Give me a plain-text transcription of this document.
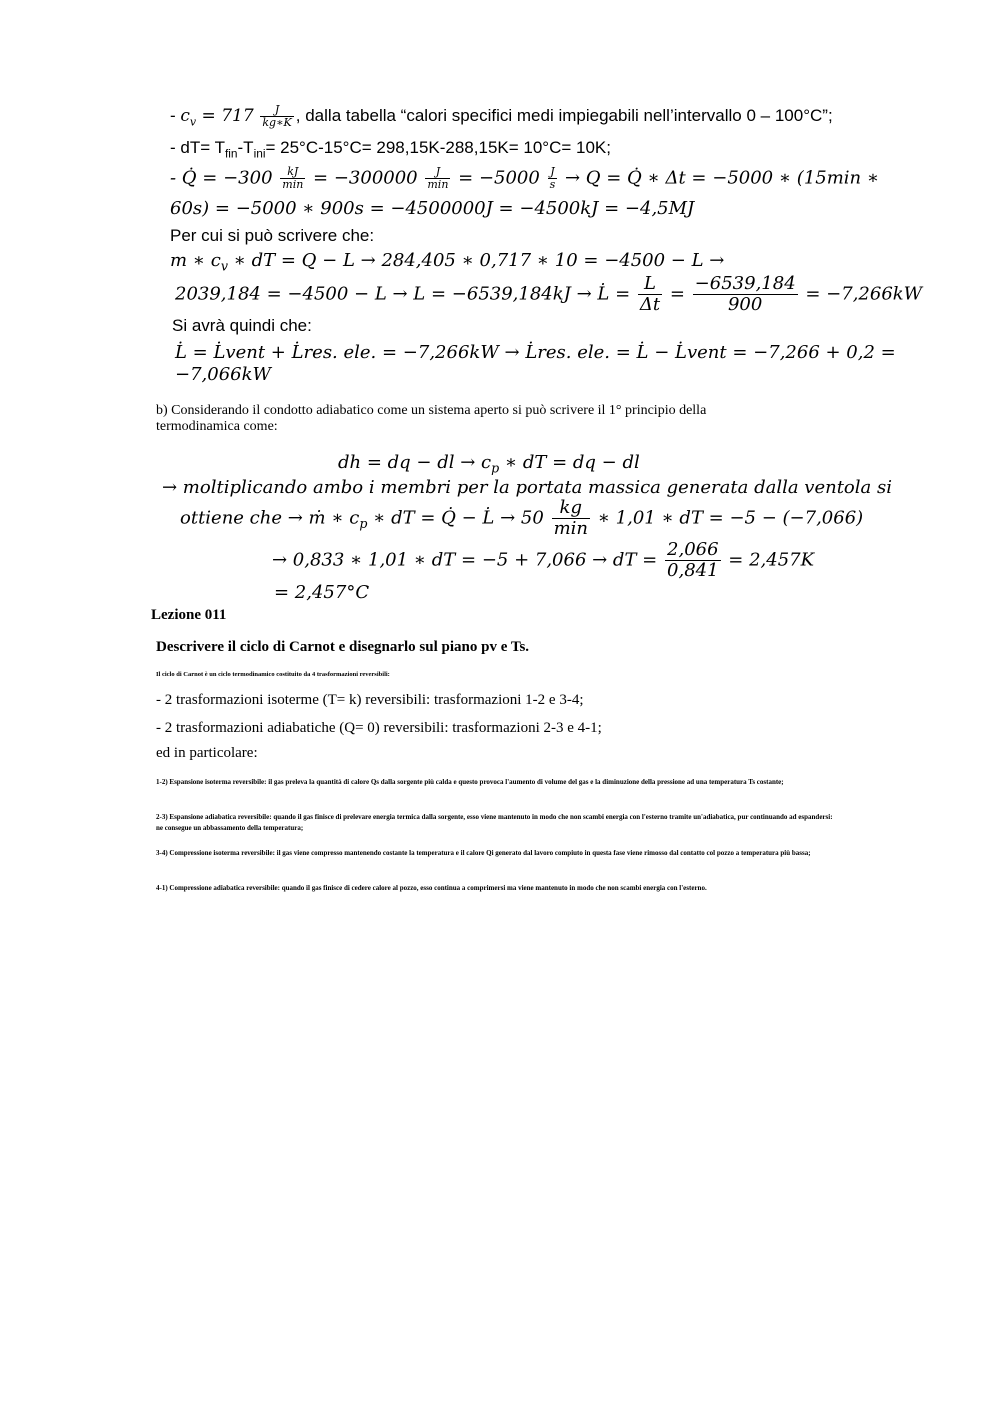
- $c_v = 717 \frac{J}{kg∗K}$ , dalla tabella “calori specifici medi impiegabili nell’intervallo 0 – 100°C”;
- $dT= T_{fin}-T_{ini}= 25^\circ C-15^\circ C= 298,15K-288,15K= 10^\circ C= 10K$;
- Q̇ = $-300 \frac{kJ}{\min} = -300000 \frac{J}{\min} = -5000 \frac{J}{s} \to Q$ = Q̇ ∗ Δt = −5000 ∗ (15min ∗
60s) = −5000 ∗ 900s = −4500000J = −4500kJ = −4,5MJ
Per cui si può scrivere che:
m ∗ $c_v$ ∗ dT = Q − L → 284,405 ∗ 0,717 ∗ 10 = −4500 − L →
2039,184 = −4500 − L → L = −6539,184kJ → L̇ = $\frac{L}{\Delta t} = \frac{-6539,184}{900} = -7,266kW$
Si avrà quindi che:
L̇ = L̇vent + L̇res. ele. = −7,266kW → L̇res. ele. = L̇ − L̇vent = −7,266 + 0,2 =
−7,066kW
b) Considerando il condotto adiabatico come un sistema aperto si può scrivere il 1° principio della
termodinamica come:
dh = dq − dl → $c_p$ ∗ dT = dq − dl
→ moltiplicando ambo i membri per la portata massica generata dalla ventola si
ottiene che → ṁ ∗ $c_p$ ∗ dT = Q̇ − L̇ → $50 \frac{kg}{\min}$ ∗ 1,01 ∗ dT = −5 − (−7,066)
→ 0,833 ∗ 1,01 ∗ dT = −5 + 7,066 → dT = $\frac{2,066}{0,841} = 2,457K$
= 2,457°C
Lezione 011
Descrivere il ciclo di Carnot e disegnarlo sul piano pv e Ts.
Il ciclo di Carnot è un ciclo termodinamico costituito da 4 trasformazioni reversibili:
- 2 trasformazioni isoterme (T= k) reversibili: trasformazioni 1-2 e 3-4;
- 2 trasformazioni adiabatiche (Q= 0) reversibili: trasformazioni 2-3 e 4-1;
ed in particolare:
1-2) Espansione isoterma reversibile: il gas preleva la quantità di calore Qs dalla sorgente più calda e questo provoca l'aumento di volume del gas e la diminuzione della pressione ad una temperatura Ts costante;
2-3) Espansione adiabatica reversibile: quando il gas finisce di prelevare energia termica dalla sorgente, esso viene mantenuto in modo che non scambi energia con l'esterno tramite un'adiabatica, pur continuando ad espandersi: ne consegue un abbassamento della temperatura;
3-4) Compressione isoterma reversibile: il gas viene compresso mantenendo costante la temperatura e il calore Qi generato dal lavoro compiuto in questa fase viene rimosso dal contatto col pozzo a temperatura più bassa;
4-1) Compressione adiabatica reversibile: quando il gas finisce di cedere calore al pozzo, esso continua a comprimersi ma viene mantenuto in modo che non scambi energia con l'esterno.
